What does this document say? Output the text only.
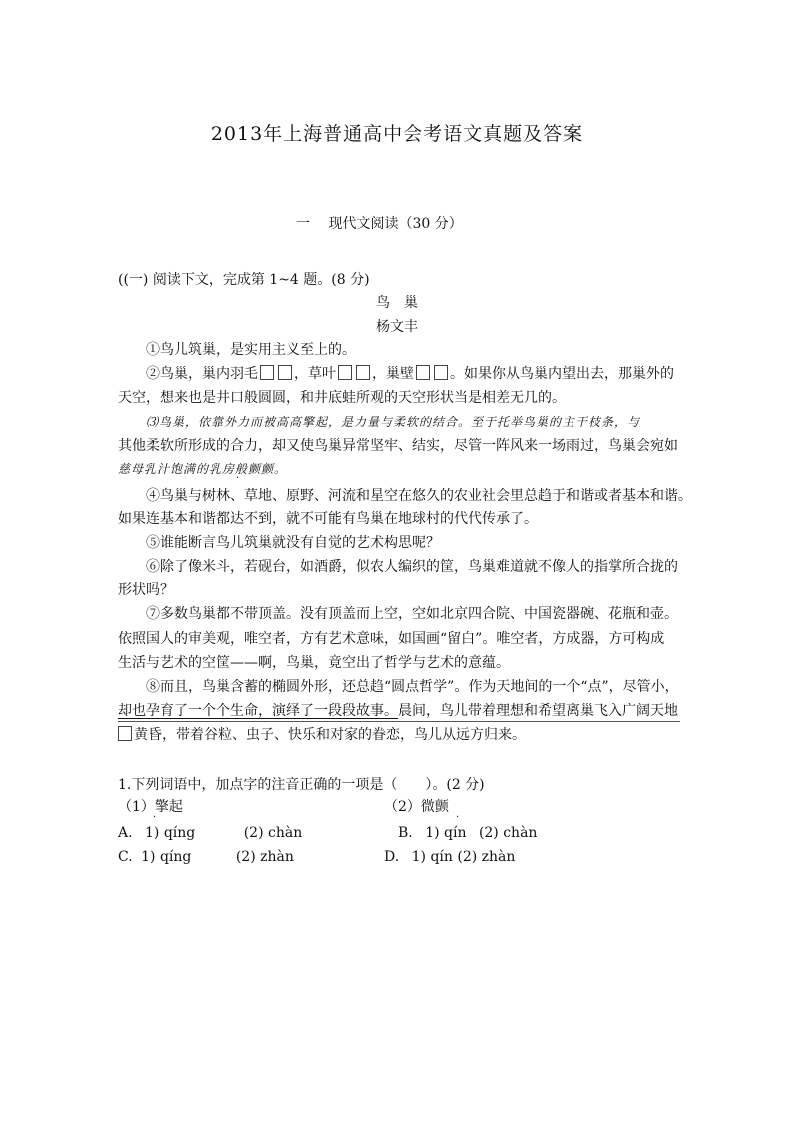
2013年上海普通高中会考语文真题及答案
一　 现代文阅读（30 分）
((一) 阅读下文，完成第 1~4 题。(8 分)
鸟　巢
杨文丰
①鸟儿筑巢，是实用主义至上的。
②鸟巢，巢内羽毛	，草叶	，巢壁	。如果你从鸟巢内望出去，那巢外的
天空，想来也是井口般圆圆，和井底蛙所观的天空形状当是相差无几的。
⑶鸟巢，依靠外力而被高高擎起，是力量与柔软的结合。至于托举鸟巢的主干枝条，与
其他柔软所形成的合力，却又使鸟巢异常坚牢、结实，尽管一阵风来一场雨过，鸟巢会宛如
慈母乳汁饱满的乳房般颤颤。
·
④鸟巢与树林、草地、原野、河流和星空在悠久的农业社会里总趋于和谐或者基本和谐。
如果连基本和谐都达不到，就不可能有鸟巢在地球村的代代传承了。
⑤谁能断言鸟儿筑巢就没有自觉的艺术构思呢？
⑥除了像米斗，若砚台，如酒爵，似农人编织的筐，鸟巢难道就不像人的指掌所合拢的
形状吗？
⑦多数鸟巢都不带顶盖。没有顶盖而上空，空如北京四合院、中国瓷器碗、花瓶和壶。
依照国人的审美观，唯空者，方有艺术意味，如国画“留白”。唯空者，方成器，方可构成
生活与艺术的空筐——啊，鸟巢，竟空出了哲学与艺术的意蕴。
⑧而且，鸟巢含蓄的椭圆外形，还总趋“圆点哲学”。作为天地间的一个“点”，尽管小，
却也孕育了一个个生命，演绎了一段段故事。晨间，鸟儿带着理想和希望离巢飞入广阔天地
黄昏，带着谷粒、虫子、快乐和对家的眷恋，鸟儿从远方归来。
1.下列词语中，加点字的注音正确的一项是（　　）。(2 分)
（1）擎起	（2）微颤
·	·
A. 1) qíng	(2) chàn	B. 1) qín (2) chàn
C. 1) qíng	(2) zhàn	D. 1) qín (2) zhàn
